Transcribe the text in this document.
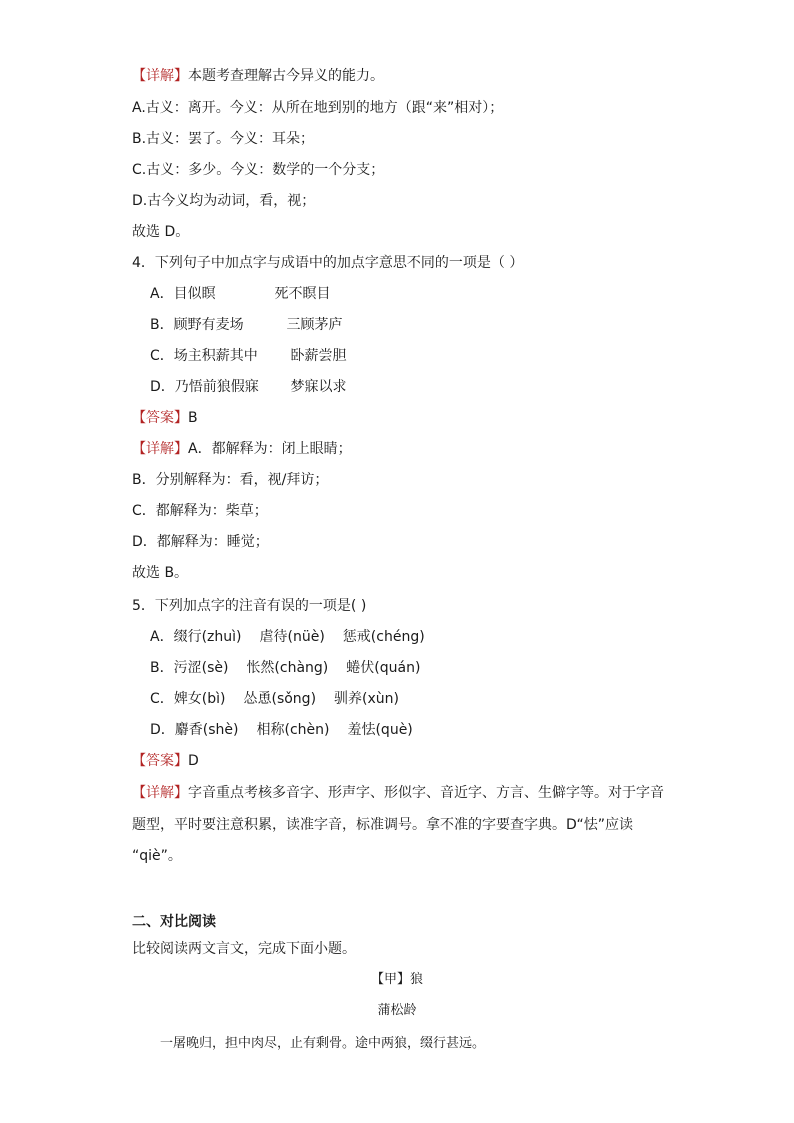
【详解】本题考查理解古今异义的能力。
A.古义：离开。今义：从所在地到别的地方（跟“来”相对）；
B.古义：罢了。今义：耳朵；
C.古义：多少。今义：数学的一个分支；
D.古今义均为动词，看，视；
故选 D。
4．下列句子中加点字与成语中的加点字意思不同的一项是（ ）
A．目似瞑	死不瞑目
B．顾野有麦场	三顾茅庐
C．场主积薪其中 卧薪尝胆
D．乃悟前狼假寐 梦寐以求
【答案】B
【详解】A．都解释为：闭上眼睛；
B．分别解释为：看，视/拜访；
C．都解释为：柴草；
D．都解释为：睡觉；
故选 B。
5．下列加点字的注音有误的一项是( )
A．缀行(zhuì) 虐待(nüè) 惩戒(chéng)
B．污涩(sè) 怅然(chàng) 蜷伏(quán)
C．婢女(bì) 怂恿(sǒng) 驯养(xùn)
D．麝香(shè) 相称(chèn) 羞怯(què)
【答案】D
【详解】字音重点考核多音字、形声字、形似字、音近字、方言、生僻字等。对于字音
题型，平时要注意积累，读准字音，标准调号。拿不准的字要查字典。D“怯”应读
“qiè”。
二、对比阅读
比较阅读两文言文，完成下面小题。
【甲】狼
蒲松龄
一屠晚归，担中肉尽，止有剩骨。途中两狼，缀行甚远。
